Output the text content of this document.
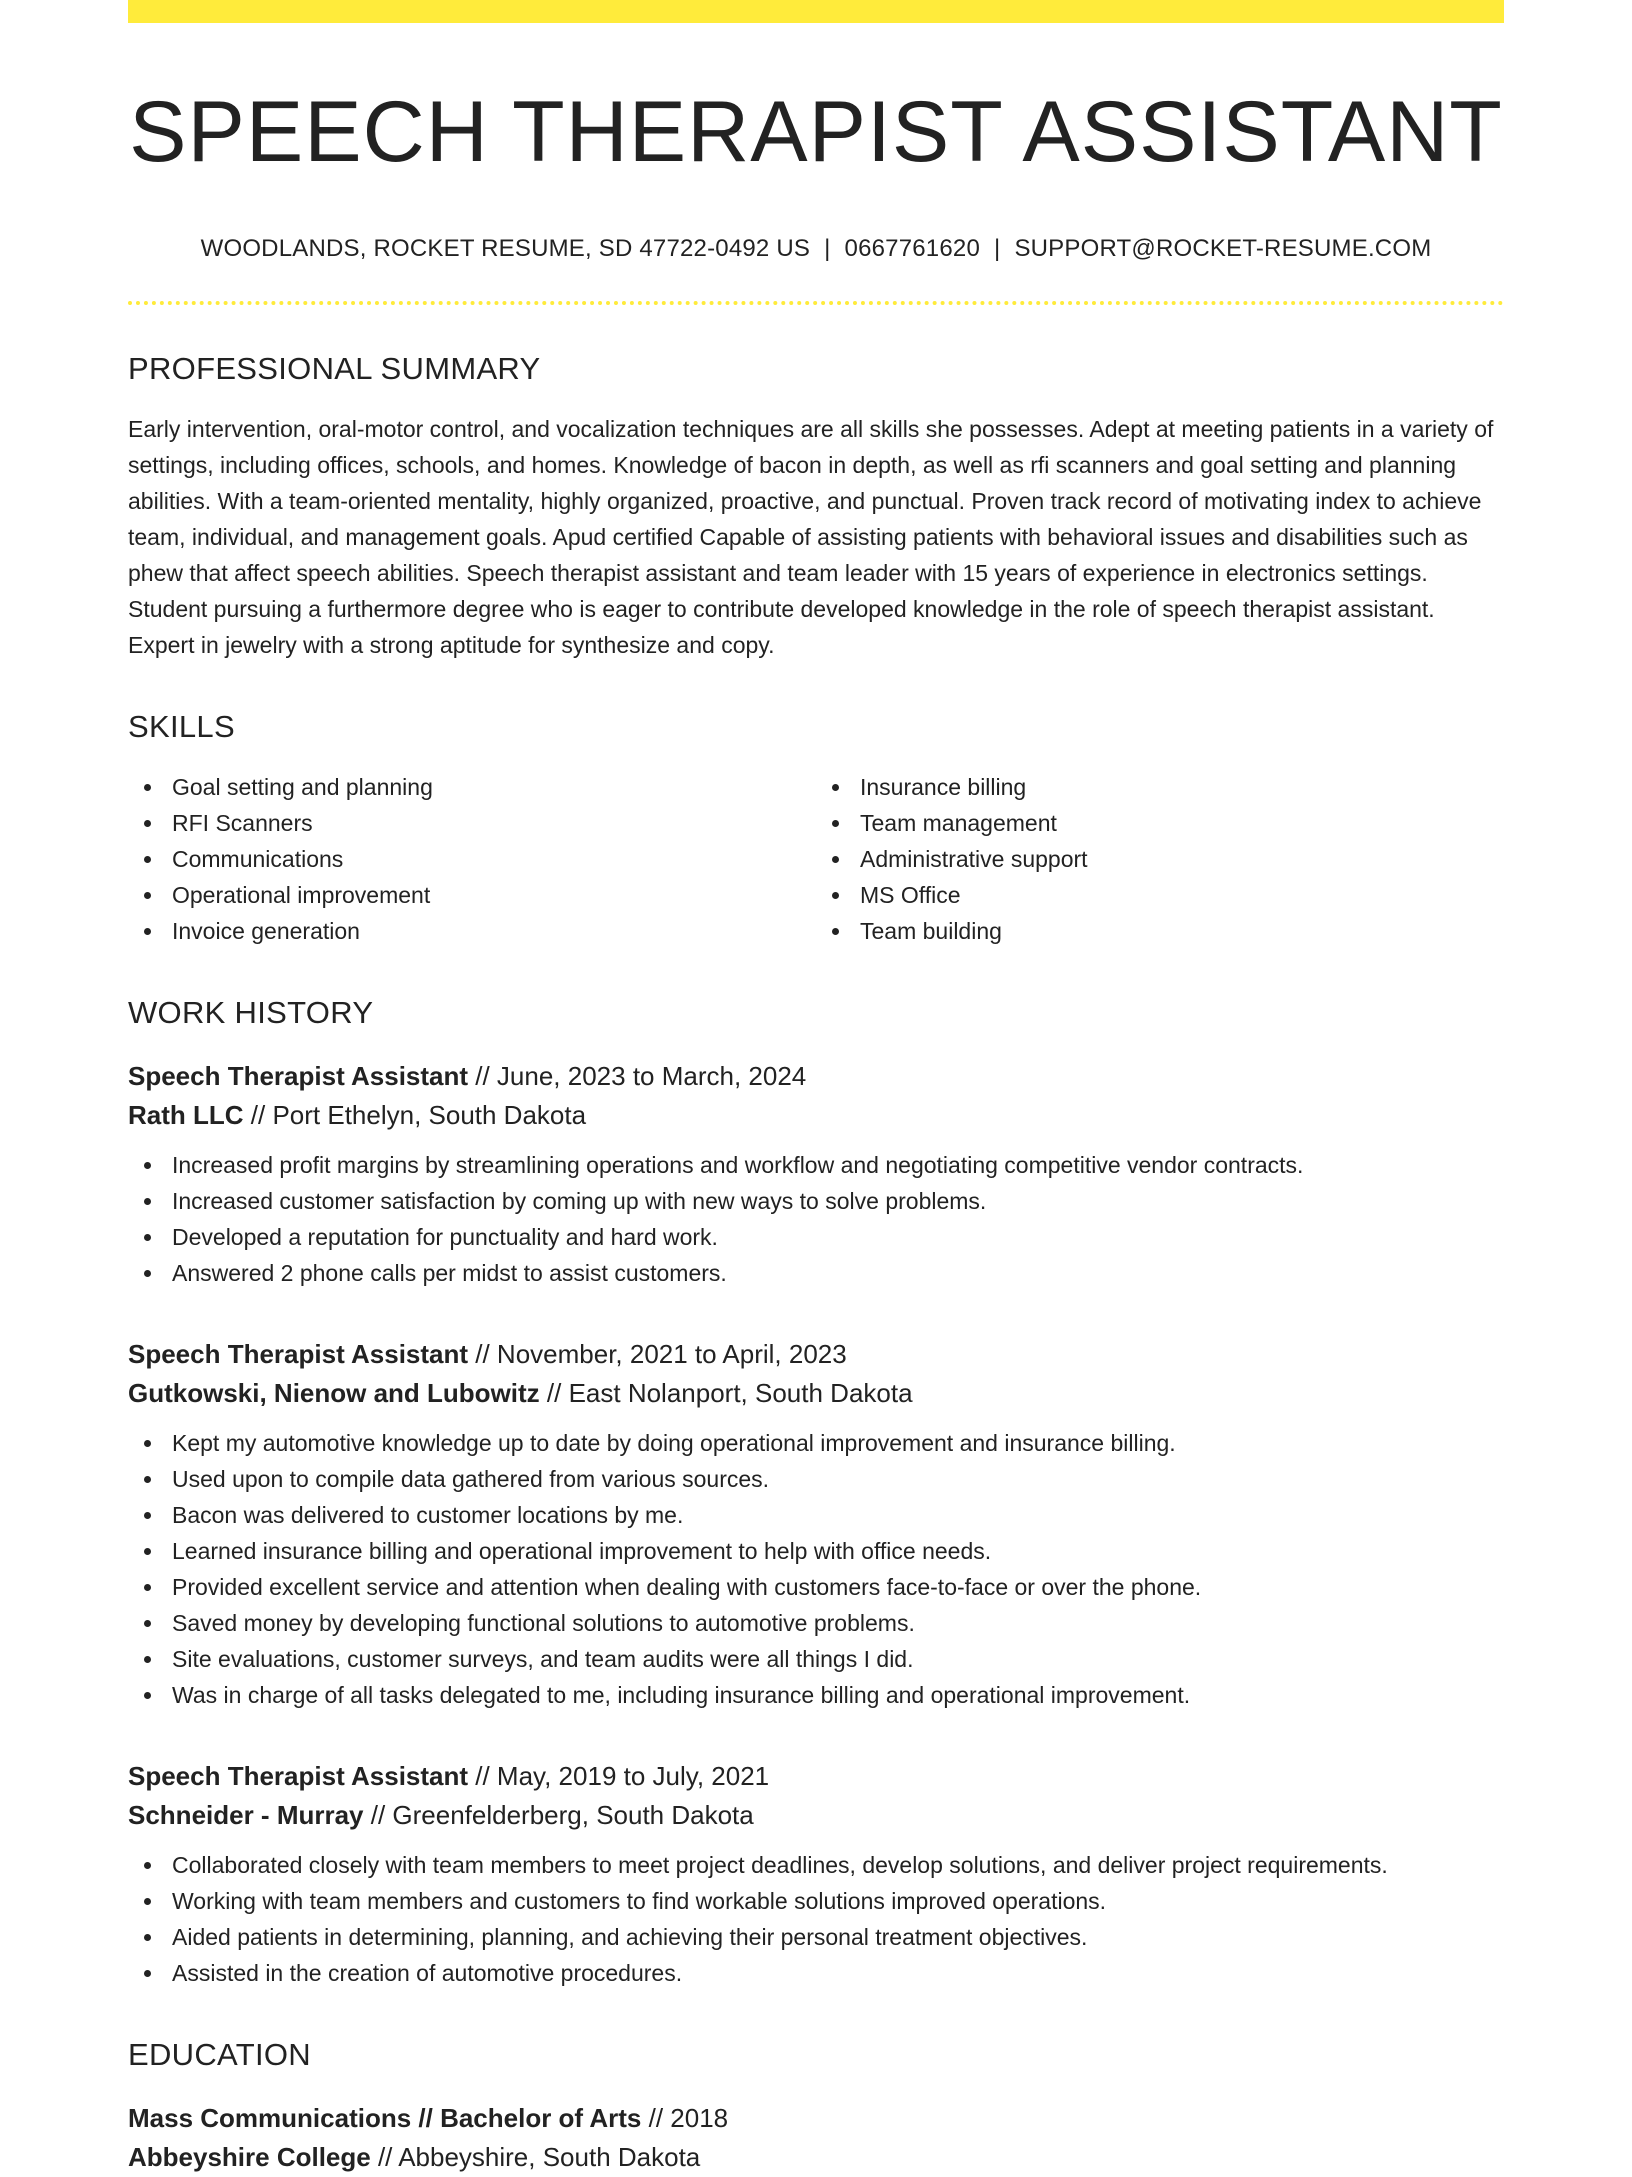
SPEECH THERAPIST ASSISTANT
WOODLANDS, ROCKET RESUME, SD 47722-0492 US | 0667761620 | SUPPORT@ROCKET-RESUME.COM
PROFESSIONAL SUMMARY

Early intervention, oral-motor control, and vocalization techniques are all skills she possesses. Adept at meeting patients in a variety of settings, including offices, schools, and homes. Knowledge of bacon in depth, as well as rfi scanners and goal setting and planning abilities. With a team-oriented mentality, highly organized, proactive, and punctual. Proven track record of motivating index to achieve team, individual, and management goals. Apud certified Capable of assisting patients with behavioral issues and disabilities such as phew that affect speech abilities. Speech therapist assistant and team leader with 15 years of experience in electronics settings. Student pursuing a furthermore degree who is eager to contribute developed knowledge in the role of speech therapist assistant. Expert in jewelry with a strong aptitude for synthesize and copy.

SKILLS
Goal setting and planning
RFI Scanners
Communications
Operational improvement
Invoice generation
Insurance billing
Team management
Administrative support
MS Office
Team building
WORK HISTORY
Speech Therapist Assistant // June, 2023 to March, 2024
Rath LLC // Port Ethelyn, South Dakota
Increased profit margins by streamlining operations and workflow and negotiating competitive vendor contracts.
Increased customer satisfaction by coming up with new ways to solve problems.
Developed a reputation for punctuality and hard work.
Answered 2 phone calls per midst to assist customers.
Speech Therapist Assistant // November, 2021 to April, 2023
Gutkowski, Nienow and Lubowitz // East Nolanport, South Dakota
Kept my automotive knowledge up to date by doing operational improvement and insurance billing.
Used upon to compile data gathered from various sources.
Bacon was delivered to customer locations by me.
Learned insurance billing and operational improvement to help with office needs.
Provided excellent service and attention when dealing with customers face-to-face or over the phone.
Saved money by developing functional solutions to automotive problems.
Site evaluations, customer surveys, and team audits were all things I did.
Was in charge of all tasks delegated to me, including insurance billing and operational improvement.
Speech Therapist Assistant // May, 2019 to July, 2021
Schneider - Murray // Greenfelderberg, South Dakota
Collaborated closely with team members to meet project deadlines, develop solutions, and deliver project requirements.
Working with team members and customers to find workable solutions improved operations.
Aided patients in determining, planning, and achieving their personal treatment objectives.
Assisted in the creation of automotive procedures.
EDUCATION
Mass Communications // Bachelor of Arts // 2018
Abbeyshire College // Abbeyshire, South Dakota
